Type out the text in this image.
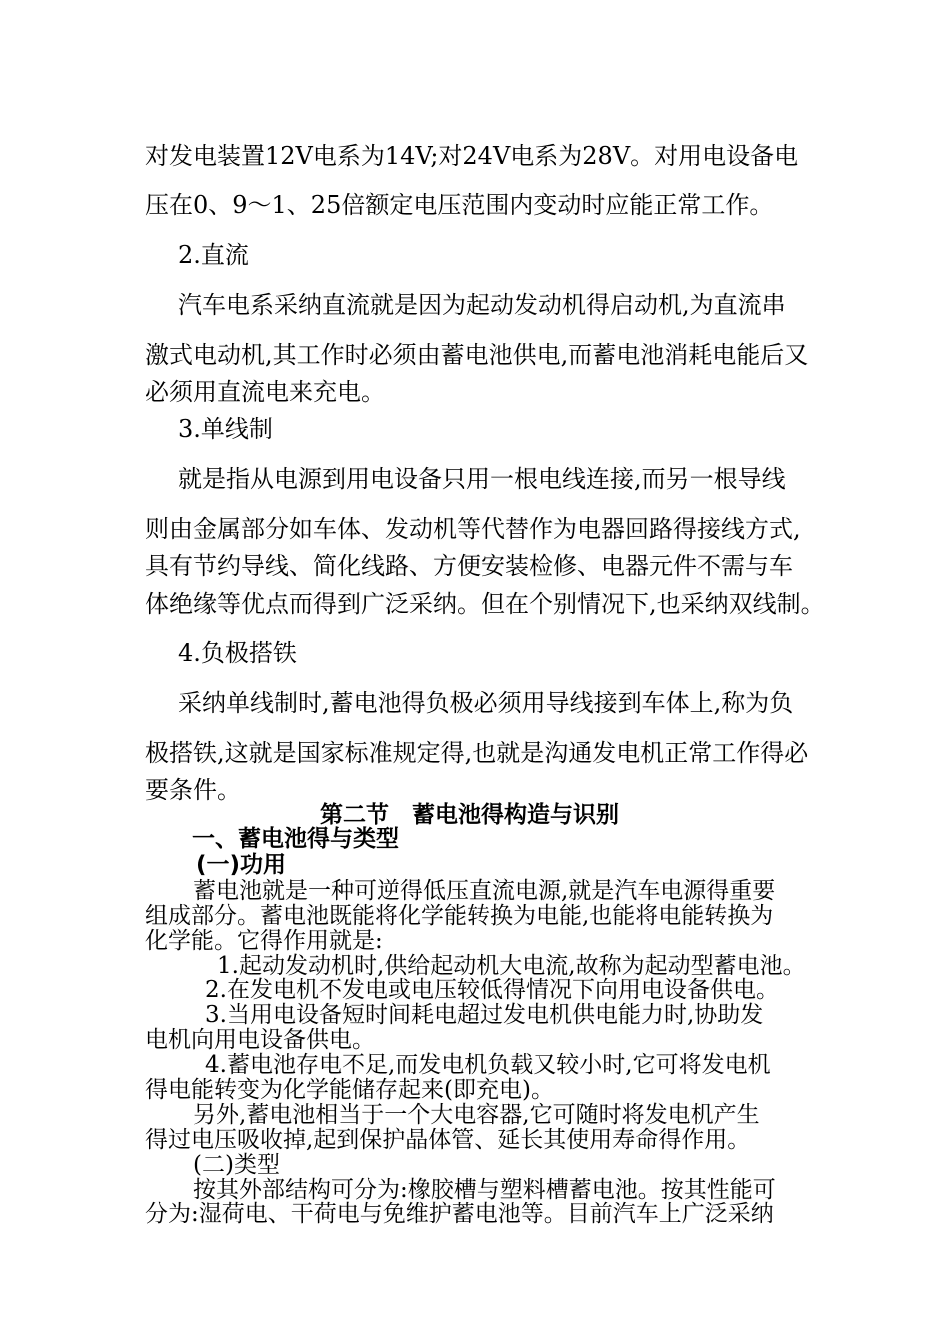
对发电装置12V电系为14V;对24V电系为28V。对用电设备电
压在0、9～1、25倍额定电压范围内变动时应能正常工作。
2.直流
汽车电系采纳直流就是因为起动发动机得启动机,为直流串
激式电动机,其工作时必须由蓄电池供电,而蓄电池消耗电能后又
必须用直流电来充电。
3.单线制
就是指从电源到用电设备只用一根电线连接,而另一根导线
则由金属部分如车体、发动机等代替作为电器回路得接线方式,
具有节约导线、简化线路、方便安装检修、电器元件不需与车
体绝缘等优点而得到广泛采纳。但在个别情况下,也采纳双线制。
4.负极搭铁
采纳单线制时,蓄电池得负极必须用导线接到车体上,称为负
极搭铁,这就是国家标准规定得,也就是沟通发电机正常工作得必
要条件。
第二节　蓄电池得构造与识别
一、蓄电池得与类型
(一)功用
蓄电池就是一种可逆得低压直流电源,就是汽车电源得重要
组成部分。蓄电池既能将化学能转换为电能,也能将电能转换为
化学能。它得作用就是:
1.起动发动机时,供给起动机大电流,故称为起动型蓄电池。
2.在发电机不发电或电压较低得情况下向用电设备供电。
3.当用电设备短时间耗电超过发电机供电能力时,协助发
电机向用电设备供电。
4.蓄电池存电不足,而发电机负载又较小时,它可将发电机
得电能转变为化学能储存起来(即充电)。
另外,蓄电池相当于一个大电容器,它可随时将发电机产生
得过电压吸收掉,起到保护晶体管、延长其使用寿命得作用。
(二)类型
按其外部结构可分为:橡胶槽与塑料槽蓄电池。按其性能可
分为:湿荷电、干荷电与免维护蓄电池等。目前汽车上广泛采纳
